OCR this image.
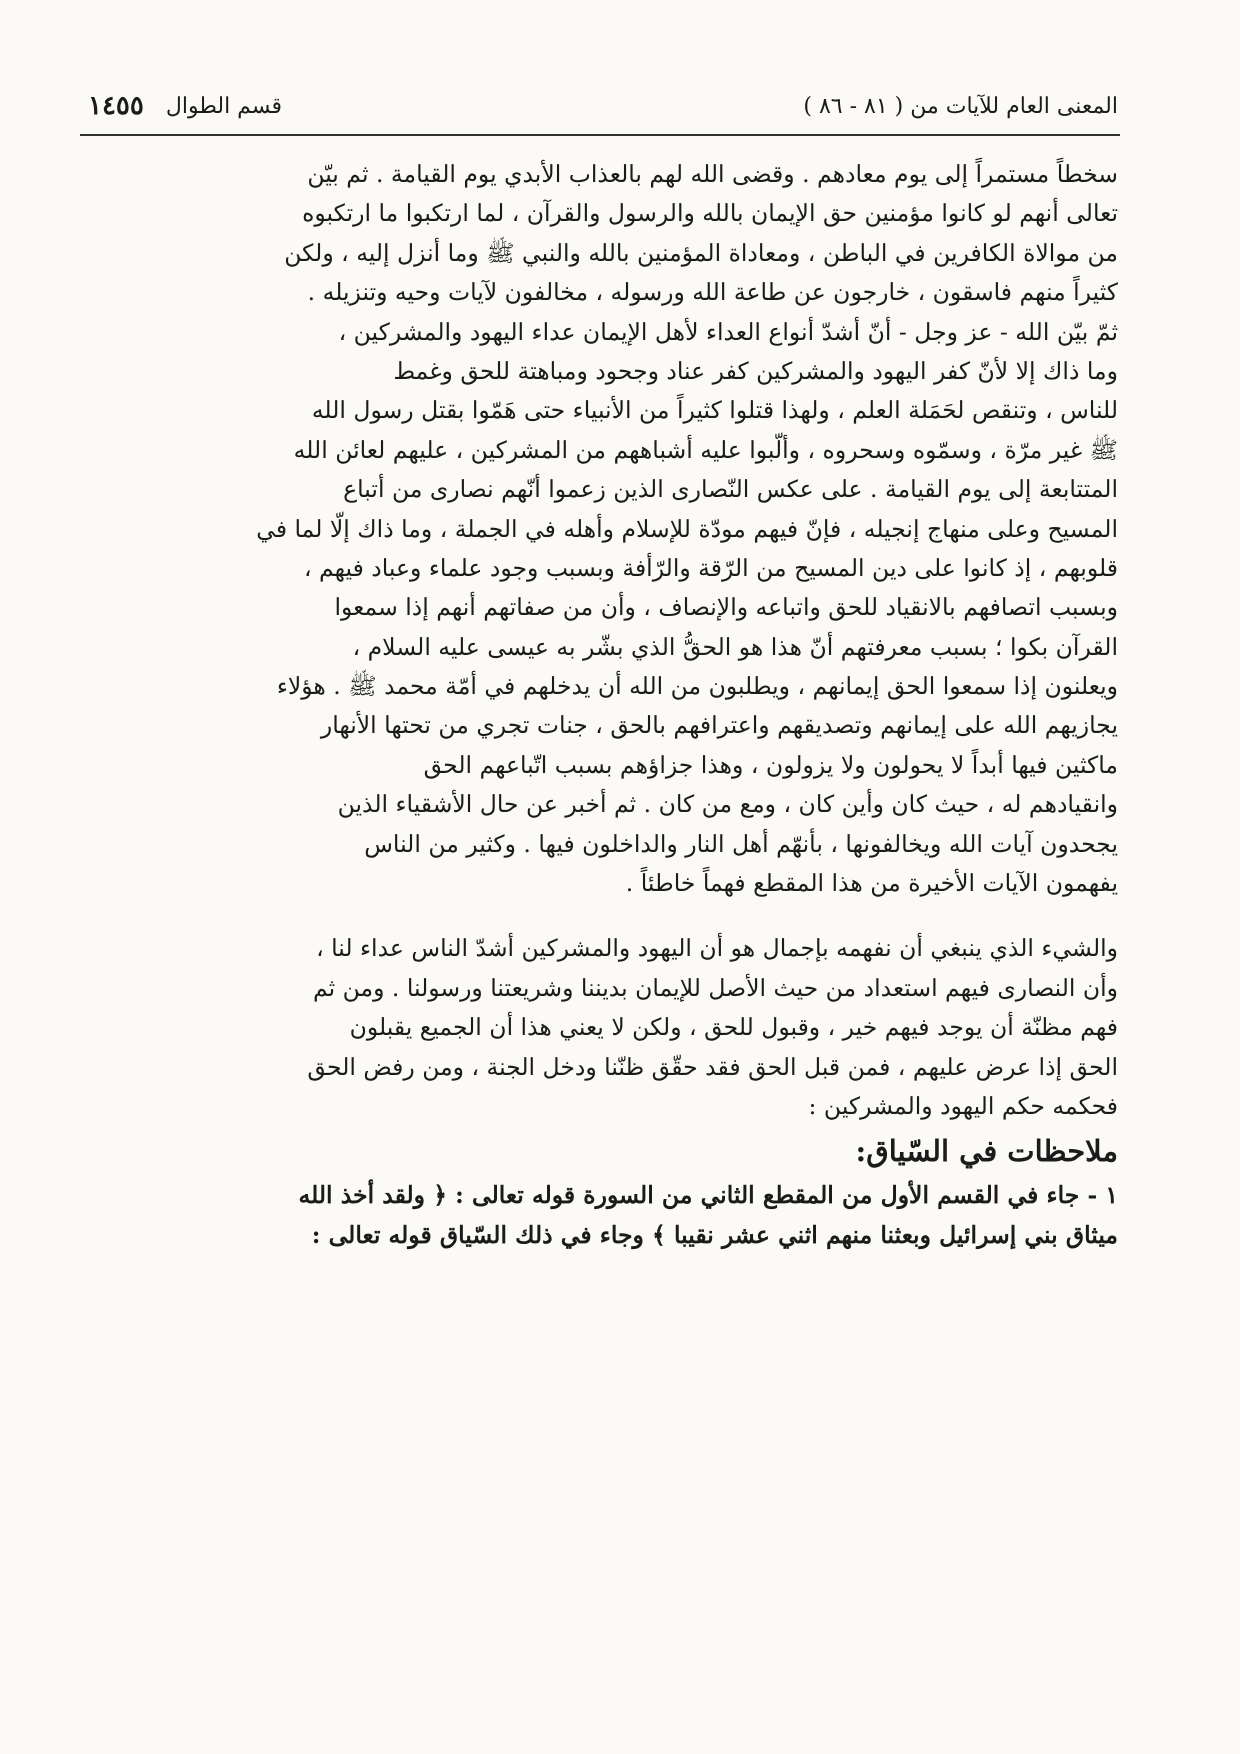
المعنى العام للآيات من ( ٨١ - ٨٦ )
قسم الطوال
١٤٥٥
سخطاً مستمراً إلى يوم معادهم . وقضى الله لهم بالعذاب الأبدي يوم القيامة . ثم بيّن
تعالى أنهم لو كانوا مؤمنين حق الإيمان بالله والرسول والقرآن ، لما ارتكبوا ما ارتكبوه
من موالاة الكافرين في الباطن ، ومعاداة المؤمنين بالله والنبي ﷺ وما أنزل إليه ، ولكن
كثيراً منهم فاسقون ، خارجون عن طاعة الله ورسوله ، مخالفون لآيات وحيه وتنزيله .
ثمّ بيّن الله - عز وجل - أنّ أشدّ أنواع العداء لأهل الإيمان عداء اليهود والمشركين ،
وما ذاك إلا لأنّ كفر اليهود والمشركين كفر عناد وجحود ومباهتة للحق وغمط
للناس ، وتنقص لحَمَلة العلم ، ولهذا قتلوا كثيراً من الأنبياء حتى هَمّوا بقتل رسول الله
ﷺ غير مرّة ، وسمّوه وسحروه ، وألّبوا عليه أشباههم من المشركين ، عليهم لعائن الله
المتتابعة إلى يوم القيامة . على عكس النّصارى الذين زعموا أنّهم نصارى من أتباع
المسيح وعلى منهاج إنجيله ، فإنّ فيهم مودّة للإسلام وأهله في الجملة ، وما ذاك إلّا لما في
قلوبهم ، إذ كانوا على دين المسيح من الرّقة والرّأفة وبسبب وجود علماء وعباد فيهم ،
وبسبب اتصافهم بالانقياد للحق واتباعه والإنصاف ، وأن من صفاتهم أنهم إذا سمعوا
القرآن بكوا ؛ بسبب معرفتهم أنّ هذا هو الحقُّ الذي بشّر به عيسى عليه السلام ،
ويعلنون إذا سمعوا الحق إيمانهم ، ويطلبون من الله أن يدخلهم في أمّة محمد ﷺ . هؤلاء
يجازيهم الله على إيمانهم وتصديقهم واعترافهم بالحق ، جنات تجري من تحتها الأنهار
ماكثين فيها أبداً لا يحولون ولا يزولون ، وهذا جزاؤهم بسبب اتّباعهم الحق
وانقيادهم له ، حيث كان وأين كان ، ومع من كان . ثم أخبر عن حال الأشقياء الذين
يجحدون آيات الله ويخالفونها ، بأنهّم أهل النار والداخلون فيها . وكثير من الناس
يفهمون الآيات الأخيرة من هذا المقطع فهماً خاطئاً .
والشيء الذي ينبغي أن نفهمه بإجمال هو أن اليهود والمشركين أشدّ الناس عداء لنا ،
وأن النصارى فيهم استعداد من حيث الأصل للإيمان بديننا وشريعتنا ورسولنا . ومن ثم
فهم مظنّة أن يوجد فيهم خير ، وقبول للحق ، ولكن لا يعني هذا أن الجميع يقبلون
الحق إذا عرض عليهم ، فمن قبل الحق فقد حقّق ظنّنا ودخل الجنة ، ومن رفض الحق
فحكمه حكم اليهود والمشركين :
ملاحظات في السّياق:
١ - جاء في القسم الأول من المقطع الثاني من السورة قوله تعالى : ﴿ ولقد أخذ الله
ميثاق بني إسرائيل وبعثنا منهم اثني عشر نقيبا ﴾ وجاء في ذلك السّياق قوله تعالى :
